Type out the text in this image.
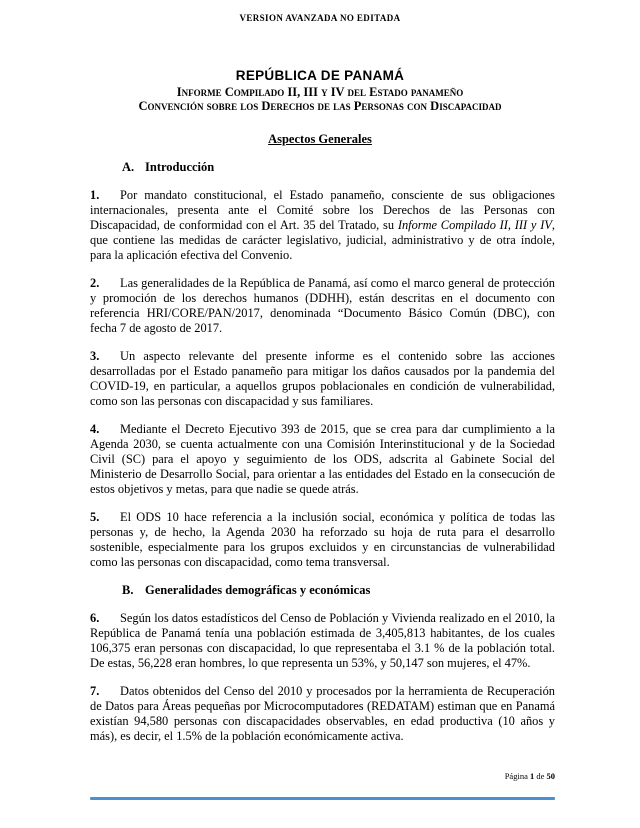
VERSION AVANZADA NO EDITADA
REPÚBLICA DE PANAMÁ
Informe Compilado II, III y IV del Estado panameño
Convención sobre los Derechos de las Personas con Discapacidad
Aspectos Generales
A. Introducción

1. Por mandato constitucional, el Estado panameño, consciente de sus obligaciones internacionales, presenta ante el Comité sobre los Derechos de las Personas con Discapacidad, de conformidad con el Art. 35 del Tratado, su Informe Compilado II, III y IV, que contiene las medidas de carácter legislativo, judicial, administrativo y de otra índole, para la aplicación efectiva del Convenio.

2. Las generalidades de la República de Panamá, así como el marco general de protección y promoción de los derechos humanos (DDHH), están descritas en el documento con referencia HRI/CORE/PAN/2017, denominada “Documento Básico Común (DBC), con fecha 7 de agosto de 2017.

3. Un aspecto relevante del presente informe es el contenido sobre las acciones desarrolladas por el Estado panameño para mitigar los daños causados por la pandemia del COVID-19, en particular, a aquellos grupos poblacionales en condición de vulnerabilidad, como son las personas con discapacidad y sus familiares.

4. Mediante el Decreto Ejecutivo 393 de 2015, que se crea para dar cumplimiento a la Agenda 2030, se cuenta actualmente con una Comisión Interinstitucional y de la Sociedad Civil (SC) para el apoyo y seguimiento de los ODS, adscrita al Gabinete Social del Ministerio de Desarrollo Social, para orientar a las entidades del Estado en la consecución de estos objetivos y metas, para que nadie se quede atrás.

5. El ODS 10 hace referencia a la inclusión social, económica y política de todas las personas y, de hecho, la Agenda 2030 ha reforzado su hoja de ruta para el desarrollo sostenible, especialmente para los grupos excluidos y en circunstancias de vulnerabilidad como las personas con discapacidad, como tema transversal.

B. Generalidades demográficas y económicas

6. Según los datos estadísticos del Censo de Población y Vivienda realizado en el 2010, la República de Panamá tenía una población estimada de 3,405,813 habitantes, de los cuales 106,375 eran personas con discapacidad, lo que representaba el 3.1 % de la población total. De estas, 56,228 eran hombres, lo que representa un 53%, y 50,147 son mujeres, el 47%.

7. Datos obtenidos del Censo del 2010 y procesados por la herramienta de Recuperación de Datos para Áreas pequeñas por Microcomputadores (REDATAM) estiman que en Panamá existían 94,580 personas con discapacidades observables, en edad productiva (10 años y más), es decir, el 1.5% de la población económicamente activa.

Página 1 de 50
